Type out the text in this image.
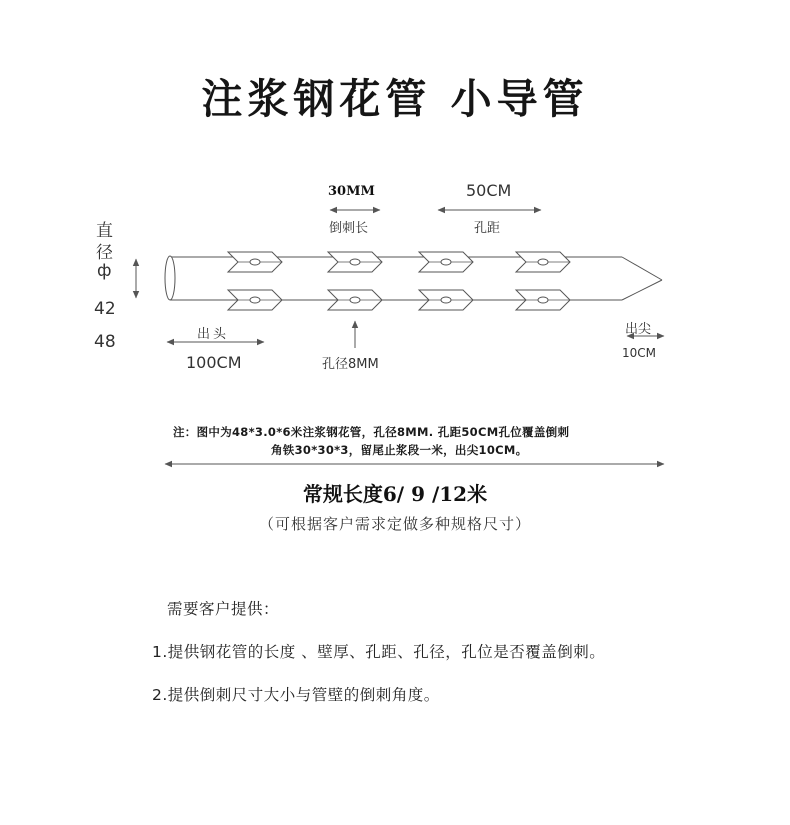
注浆钢花管 小导管
30MM
倒刺长
50CM
孔距
直
径
ф
42
48	出头
100CM	孔径8MM
出尖
10CM
注：图中为48*3.0*6米注浆钢花管，孔径8MM. 孔距50CM孔位覆盖倒刺
角铁30*30*3，留尾止浆段一米，出尖10CM。
常规长度6/ 9 /12米
（可根据客户需求定做多种规格尺寸）
需要客户提供：
1.提供钢花管的长度 、壁厚、孔距、孔径，孔位是否覆盖倒刺。
2.提供倒刺尺寸大小与管壁的倒刺角度。
